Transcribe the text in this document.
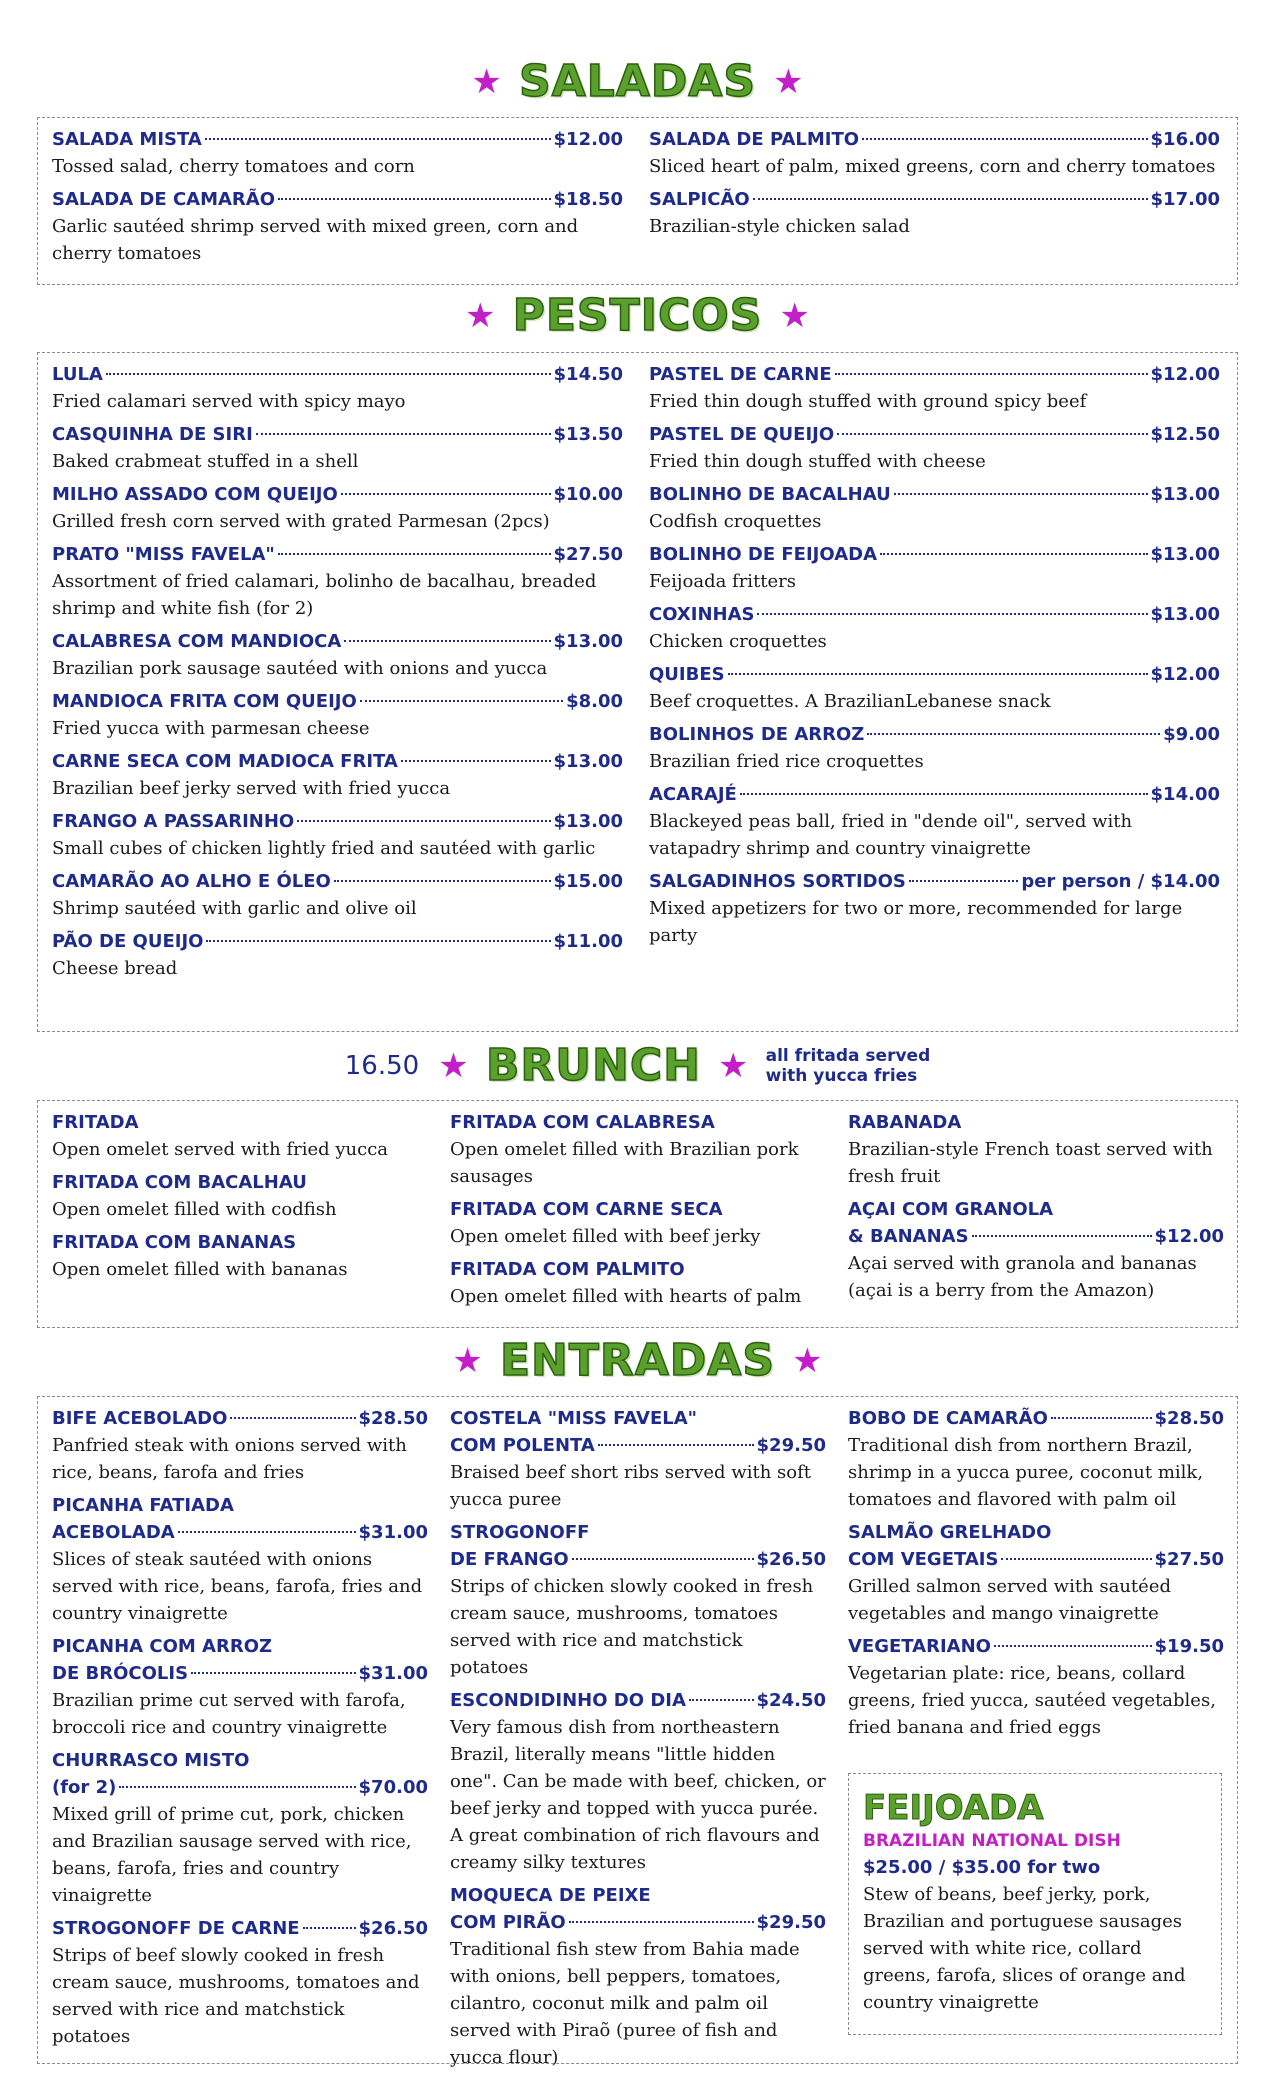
★ SALADAS ★
SALADA MISTA	$12.00
Tossed salad, cherry tomatoes and corn
SALADA DE CAMARÃO	$18.50
Garlic sautéed shrimp served with mixed green, corn and cherry tomatoes
SALADA DE PALMITO	$16.00
Sliced heart of palm, mixed greens, corn and cherry tomatoes
SALPICÃO	$17.00
Brazilian-style chicken salad
★ PESTICOS ★
LULA	$14.50
Fried calamari served with spicy mayo
CASQUINHA DE SIRI	$13.50
Baked crabmeat stuffed in a shell
MILHO ASSADO COM QUEIJO	$10.00
Grilled fresh corn served with grated Parmesan (2pcs)
PRATO "MISS FAVELA"	$27.50
Assortment of fried calamari, bolinho de bacalhau, breaded shrimp and white fish (for 2)
CALABRESA COM MANDIOCA	$13.00
Brazilian pork sausage sautéed with onions and yucca
MANDIOCA FRITA COM QUEIJO	$8.00
Fried yucca with parmesan cheese
CARNE SECA COM MADIOCA FRITA	$13.00
Brazilian beef jerky served with fried yucca
FRANGO A PASSARINHO	$13.00
Small cubes of chicken lightly fried and sautéed with garlic
CAMARÃO AO ALHO E ÓLEO	$15.00
Shrimp sautéed with garlic and olive oil
PÃO DE QUEIJO	$11.00
Cheese bread
PASTEL DE CARNE	$12.00
Fried thin dough stuffed with ground spicy beef
PASTEL DE QUEIJO	$12.50
Fried thin dough stuffed with cheese
BOLINHO DE BACALHAU	$13.00
Codfish croquettes
BOLINHO DE FEIJOADA	$13.00
Feijoada fritters
COXINHAS	$13.00
Chicken croquettes
QUIBES	$12.00
Beef croquettes. A BrazilianLebanese snack
BOLINHOS DE ARROZ	$9.00
Brazilian fried rice croquettes
ACARAJÉ	$14.00
Blackeyed peas ball, fried in "dende oil", served with vatapadry shrimp and country vinaigrette
SALGADINHOS SORTIDOS	per person / $14.00
Mixed appetizers for two or more, recommended for large party
16.50 ★ BRUNCH ★ all fritada served
with yucca fries
FRITADA
Open omelet served with fried yucca
FRITADA COM BACALHAU
Open omelet filled with codfish
FRITADA COM BANANAS
Open omelet filled with bananas
FRITADA COM CALABRESA
Open omelet filled with Brazilian pork sausages
FRITADA COM CARNE SECA
Open omelet filled with beef jerky
FRITADA COM PALMITO
Open omelet filled with hearts of palm
RABANADA
Brazilian-style French toast served with fresh fruit
AÇAI COM GRANOLA
& BANANAS	$12.00
Açai served with granola and bananas (açai is a berry from the Amazon)
★ ENTRADAS ★
BIFE ACEBOLADO	$28.50
Panfried steak with onions served with rice, beans, farofa and fries
PICANHA FATIADA
ACEBOLADA	$31.00
Slices of steak sautéed with onions served with rice, beans, farofa, fries and country vinaigrette
PICANHA COM ARROZ
DE BRÓCOLIS	$31.00
Brazilian prime cut served with farofa, broccoli rice and country vinaigrette
CHURRASCO MISTO
(for 2)	$70.00
Mixed grill of prime cut, pork, chicken and Brazilian sausage served with rice, beans, farofa, fries and country vinaigrette
STROGONOFF DE CARNE	$26.50
Strips of beef slowly cooked in fresh cream sauce, mushrooms, tomatoes and served with rice and matchstick potatoes
COSTELA "MISS FAVELA"
COM POLENTA	$29.50
Braised beef short ribs served with soft yucca puree
STROGONOFF
DE FRANGO	$26.50
Strips of chicken slowly cooked in fresh cream sauce, mushrooms, tomatoes served with rice and matchstick potatoes
ESCONDIDINHO DO DIA	$24.50
Very famous dish from northeastern Brazil, literally means "little hidden one". Can be made with beef, chicken, or beef jerky and topped with yucca purée. A great combination of rich flavours and creamy silky textures
MOQUECA DE PEIXE
COM PIRÃO	$29.50
Traditional fish stew from Bahia made with onions, bell peppers, tomatoes, cilantro, coconut milk and palm oil served with Piraõ (puree of fish and yucca flour)
BOBO DE CAMARÃO	$28.50
Traditional dish from northern Brazil, shrimp in a yucca puree, coconut milk, tomatoes and flavored with palm oil
SALMÃO GRELHADO
COM VEGETAIS	$27.50
Grilled salmon served with sautéed vegetables and mango vinaigrette
VEGETARIANO	$19.50
Vegetarian plate: rice, beans, collard greens, fried yucca, sautéed vegetables, fried banana and fried eggs
FEIJOADA
BRAZILIAN NATIONAL DISH
$25.00 / $35.00 for two
Stew of beans, beef jerky, pork, Brazilian and portuguese sausages served with white rice, collard greens, farofa, slices of orange and country vinaigrette
